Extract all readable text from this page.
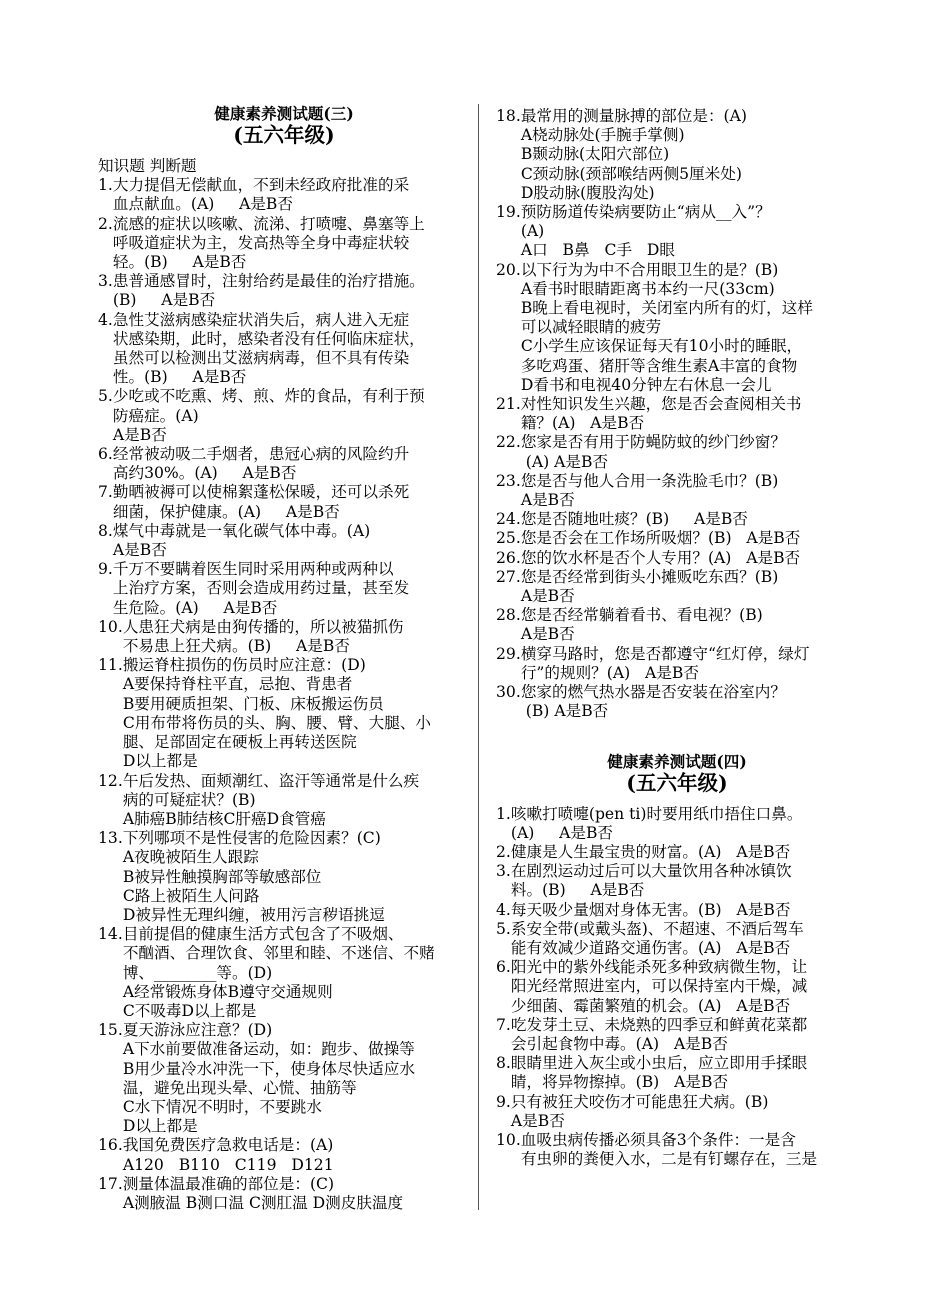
健康素养测试题(三)
(五六年级)
知识题 判断题
1. 大力提倡无偿献血，不到未经政府批准的采
血点献血。(A)     A是B否
2. 流感的症状以咳嗽、流涕、打喷嚏、鼻塞等上
呼吸道症状为主，发高热等全身中毒症状较
轻。(B)     A是B否
3. 患普通感冒时，注射给药是最佳的治疗措施。
(B)     A是B否
4. 急性艾滋病感染症状消失后，病人进入无症
状感染期，此时，感染者没有任何临床症状，
虽然可以检测出艾滋病病毒，但不具有传染
性。(B)     A是B否
5. 少吃或不吃熏、烤、煎、炸的食品，有利于预
防癌症。(A)
A是B否
6. 经常被动吸二手烟者，患冠心病的风险约升
高约30%。(A)     A是B否
7. 勤晒被褥可以使棉絮蓬松保暖，还可以杀死
细菌，保护健康。(A)     A是B否
8. 煤气中毒就是一氧化碳气体中毒。(A)
A是B否
9. 千万不要瞒着医生同时采用两种或两种以
上治疗方案，否则会造成用药过量，甚至发
生危险。(A)     A是B否
10. 人患狂犬病是由狗传播的，所以被猫抓伤
不易患上狂犬病。(B)     A是B否
11. 搬运脊柱损伤的伤员时应注意：(D)
A要保持脊柱平直，忌抱、背患者
B要用硬质担架、门板、床板搬运伤员
C用布带将伤员的头、胸、腰、臂、大腿、小
腿、足部固定在硬板上再转送医院
D以上都是
12. 午后发热、面颊潮红、盗汗等通常是什么疾
病的可疑症状？(B)
A肺癌B肺结核C肝癌D食管癌
13. 下列哪项不是性侵害的危险因素？(C)
A夜晚被陌生人跟踪
B被异性触摸胸部等敏感部位
C路上被陌生人问路
D被异性无理纠缠，被用污言秽语挑逗
14. 目前提倡的健康生活方式包含了不吸烟、
不酗酒、合理饮食、邻里和睦、不迷信、不赌
博、________等。(D)
A经常锻炼身体B遵守交通规则
C不吸毒D以上都是
15. 夏天游泳应注意？(D)
A下水前要做准备运动，如：跑步、做操等
B用少量冷水冲洗一下，使身体尽快适应水
温，避免出现头晕、心慌、抽筋等
C水下情况不明时，不要跳水
D以上都是
16. 我国免费医疗急救电话是：(A)
A120   B110   C119   D121
17. 测量体温最准确的部位是：(C)
A测腋温 B测口温 C测肛温 D测皮肤温度
18. 最常用的测量脉搏的部位是：(A)
A桡动脉处(手腕手掌侧)
B颞动脉(太阳穴部位)
C颈动脉(颈部喉结两侧5厘米处)
D股动脉(腹股沟处)
19. 预防肠道传染病要防止“病从__入”？
(A)
A口   B鼻   C手   D眼
20. 以下行为为中不合用眼卫生的是？(B)
A看书时眼睛距离书本约一尺(33cm)
B晚上看电视时，关闭室内所有的灯，这样
可以减轻眼睛的疲劳
C小学生应该保证每天有10小时的睡眠，
多吃鸡蛋、猪肝等含维生素A丰富的食物
D看书和电视40分钟左右休息一会儿
21. 对性知识发生兴趣，您是否会查阅相关书
籍？(A)   A是B否
22. 您家是否有用于防蝇防蚊的纱门纱窗？
(A) A是B否
23. 您是否与他人合用一条洗脸毛巾？(B)
A是B否
24. 您是否随地吐痰？(B)     A是B否
25. 您是否会在工作场所吸烟？(B)   A是B否
26. 您的饮水杯是否个人专用？(A)   A是B否
27. 您是否经常到街头小摊贩吃东西？(B)
A是B否
28. 您是否经常躺着看书、看电视？(B)
A是B否
29. 横穿马路时，您是否都遵守“红灯停，绿灯
行”的规则？(A)   A是B否
30. 您家的燃气热水器是否安装在浴室内？
(B) A是B否
健康素养测试题(四)
(五六年级)
1. 咳嗽打喷嚏(pen ti)时要用纸巾捂住口鼻。
(A)     A是B否
2. 健康是人生最宝贵的财富。(A)   A是B否
3. 在剧烈运动过后可以大量饮用各种冰镇饮
料。(B)     A是B否
4. 每天吸少量烟对身体无害。(B)   A是B否
5. 系安全带(或戴头盔)、不超速、不酒后驾车
能有效减少道路交通伤害。(A)   A是B否
6. 阳光中的紫外线能杀死多种致病微生物，让
阳光经常照进室内，可以保持室内干燥，减
少细菌、霉菌繁殖的机会。(A)   A是B否
7. 吃发芽土豆、未烧熟的四季豆和鲜黄花菜都
会引起食物中毒。(A)   A是B否
8. 眼睛里进入灰尘或小虫后，应立即用手揉眼
睛，将异物擦掉。(B)   A是B否
9. 只有被狂犬咬伤才可能患狂犬病。(B)
A是B否
10. 血吸虫病传播必须具备3个条件：一是含
有虫卵的粪便入水，二是有钉螺存在，三是
